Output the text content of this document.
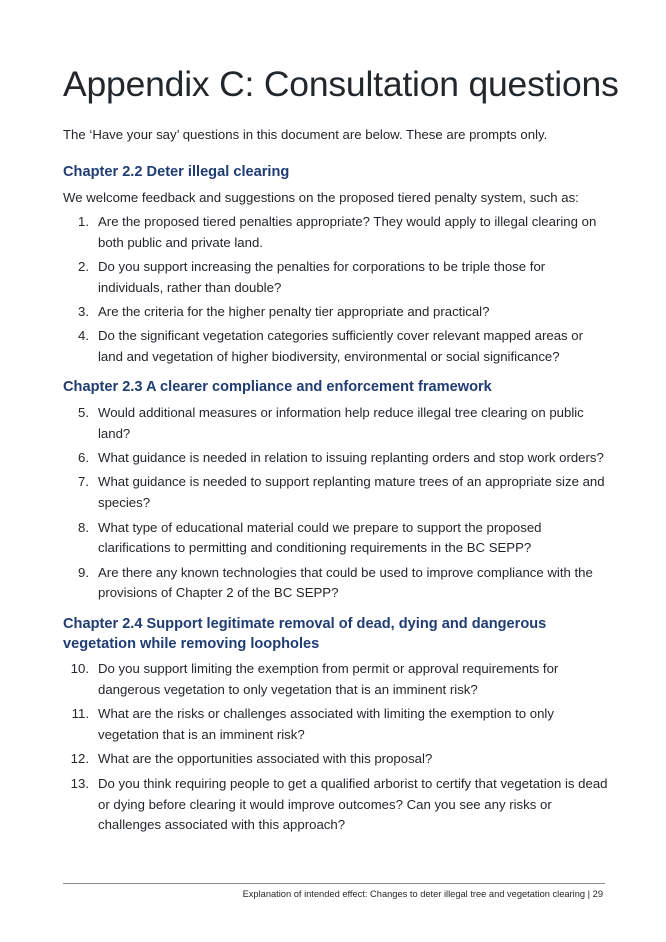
Appendix C: Consultation questions

The ‘Have your say’ questions in this document are below. These are prompts only.

Chapter 2.2 Deter illegal clearing

We welcome feedback and suggestions on the proposed tiered penalty system, such as:

1. Are the proposed tiered penalties appropriate? They would apply to illegal clearing on both public and private land.
2. Do you support increasing the penalties for corporations to be triple those for individuals, rather than double?
3. Are the criteria for the higher penalty tier appropriate and practical?
4. Do the significant vegetation categories sufficiently cover relevant mapped areas or land and vegetation of higher biodiversity, environmental or social significance?
Chapter 2.3 A clearer compliance and enforcement framework
5. Would additional measures or information help reduce illegal tree clearing on public land?
6. What guidance is needed in relation to issuing replanting orders and stop work orders?
7. What guidance is needed to support replanting mature trees of an appropriate size and species?
8. What type of educational material could we prepare to support the proposed clarifications to permitting and conditioning requirements in the BC SEPP?
9. Are there any known technologies that could be used to improve compliance with the provisions of Chapter 2 of the BC SEPP?
Chapter 2.4 Support legitimate removal of dead, dying and dangerous vegetation while removing loopholes
10. Do you support limiting the exemption from permit or approval requirements for dangerous vegetation to only vegetation that is an imminent risk?
11. What are the risks or challenges associated with limiting the exemption to only vegetation that is an imminent risk?
12. What are the opportunities associated with this proposal?
13. Do you think requiring people to get a qualified arborist to certify that vegetation is dead or dying before clearing it would improve outcomes? Can you see any risks or challenges associated with this approach?
Explanation of intended effect: Changes to deter illegal tree and vegetation clearing | 29
